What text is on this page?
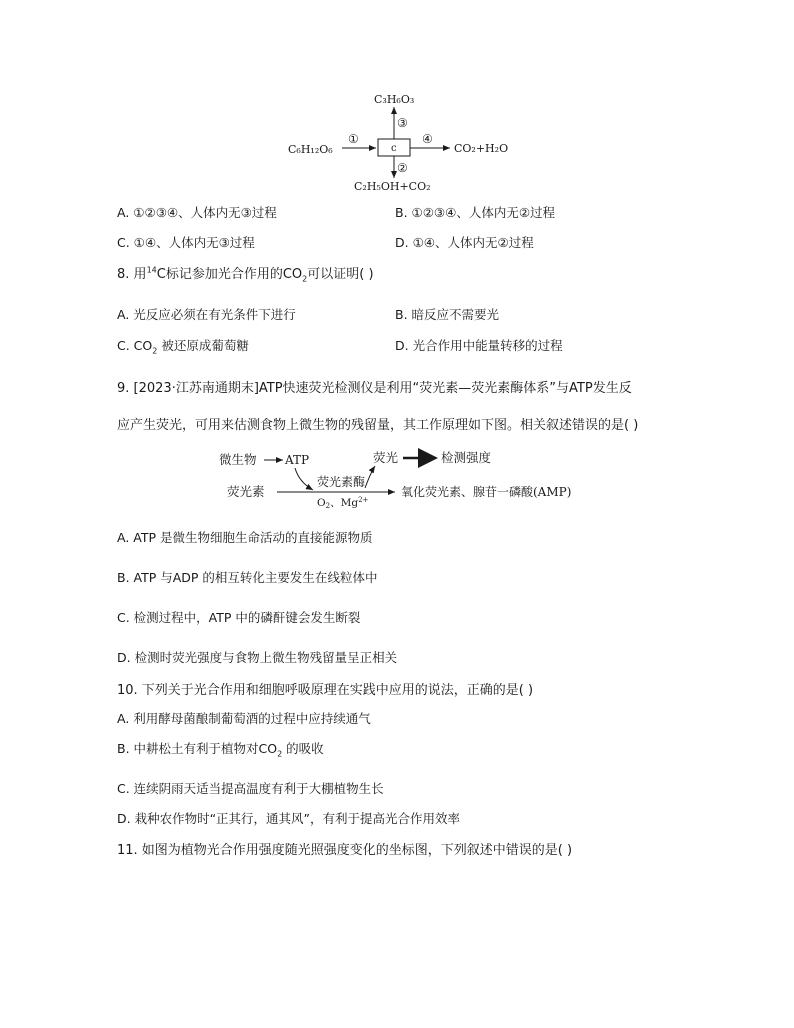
C₆H₁₂O₆
①
c
③
C₃H₆O₃
④
CO₂+H₂O
②
C₂H₅OH+CO₂
A. ①②③④、人体内无③过程	B. ①②③④、人体内无②过程
C. ①④、人体内无③过程	D. ①④、人体内无②过程
8. 用$^{14}$C标记参加光合作用的$CO_2$可以证明( )
A. 光反应必须在有光条件下进行	B. 暗反应不需要光
C. $CO_2$ 被还原成葡萄糖	D. 光合作用中能量转移的过程
9. [2023·江苏南通期末]ATP快速荧光检测仪是利用“荧光素—荧光素酶体系”与ATP发生反
应产生荧光，可用来估测食物上微生物的残留量，其工作原理如下图。相关叙述错误的是( )
微生物 ATP
荧光素
荧光素酶
O2、$Mg^{2+}$
荧光	检测强度
氧化荧光素、腺苷一磷酸(AMP)
A. ATP 是微生物细胞生命活动的直接能源物质
B. ATP 与ADP 的相互转化主要发生在线粒体中
C. 检测过程中，ATP 中的磷酐键会发生断裂
D. 检测时荧光强度与食物上微生物残留量呈正相关
10. 下列关于光合作用和细胞呼吸原理在实践中应用的说法，正确的是( )
A. 利用酵母菌酿制葡萄酒的过程中应持续通气
B. 中耕松土有利于植物对$CO_2$ 的吸收
C. 连续阴雨天适当提高温度有利于大棚植物生长
D. 栽种农作物时“正其行，通其风”，有利于提高光合作用效率
11. 如图为植物光合作用强度随光照强度变化的坐标图，下列叙述中错误的是( )
